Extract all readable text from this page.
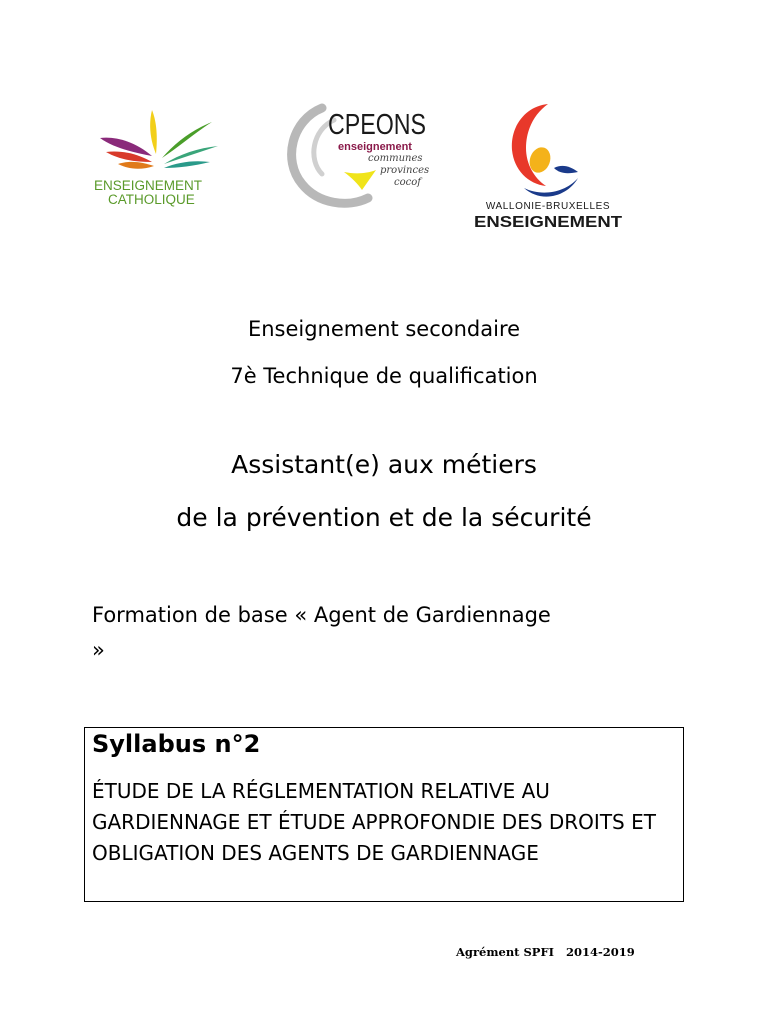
ENSEIGNEMENT
CATHOLIQUE
CPEONS
enseignement
communes
provinces
cocof
WALLONIE-BRUXELLES
ENSEIGNEMENT
Enseignement secondaire
7è Technique de qualification
Assistant(e) aux métiers
de la prévention et de la sécurité
Formation de base « Agent de Gardiennage »
Syllabus n°2
ÉTUDE DE LA RÉGLEMENTATION RELATIVE AU GARDIENNAGE ET ÉTUDE APPROFONDIE DES DROITS ET OBLIGATION DES AGENTS DE GARDIENNAGE
Agrément SPFI   2014-2019
